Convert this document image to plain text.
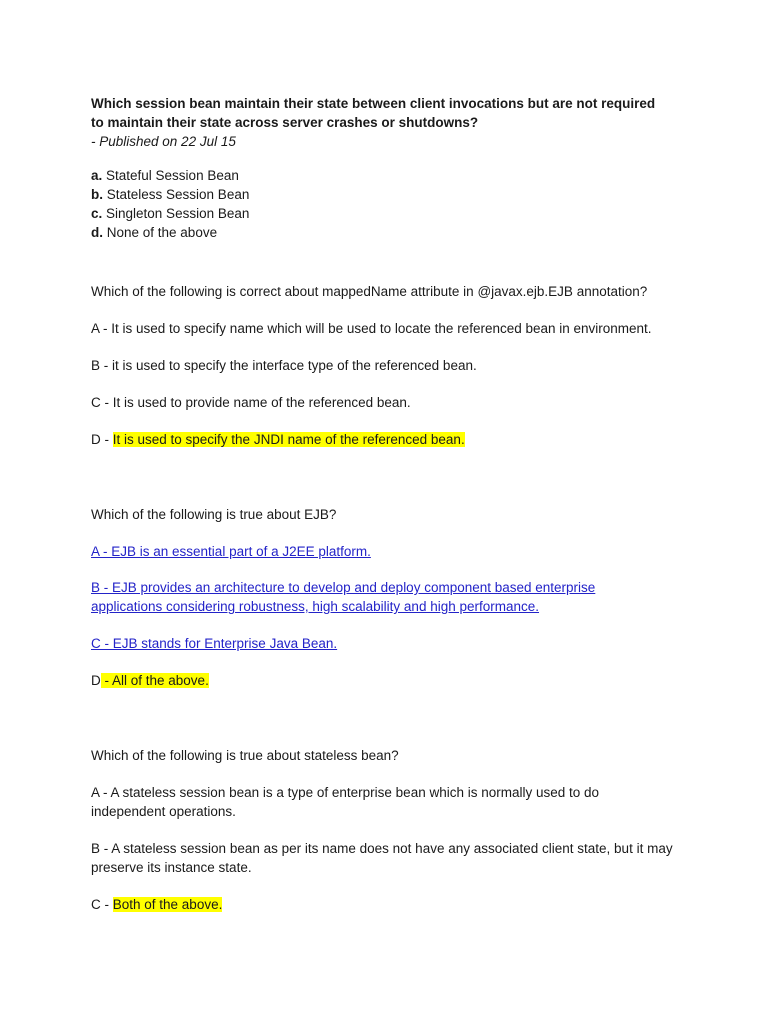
Which session bean maintain their state between client invocations but are not required to maintain their state across server crashes or shutdowns?
- Published on 22 Jul 15
a. Stateful Session Bean
b. Stateless Session Bean
c. Singleton Session Bean
d. None of the above
Which of the following is correct about mappedName attribute in @javax.ejb.EJB annotation?
A - It is used to specify name which will be used to locate the referenced bean in environment.
B - it is used to specify the interface type of the referenced bean.
C - It is used to provide name of the referenced bean.
D - It is used to specify the JNDI name of the referenced bean.
Which of the following is true about EJB?
A - EJB is an essential part of a J2EE platform.
B - EJB provides an architecture to develop and deploy component based enterprise applications considering robustness, high scalability and high performance.
C - EJB stands for Enterprise Java Bean.
D - All of the above.
Which of the following is true about stateless bean?
A - A stateless session bean is a type of enterprise bean which is normally used to do independent operations.
B - A stateless session bean as per its name does not have any associated client state, but it may preserve its instance state.
C - Both of the above.
